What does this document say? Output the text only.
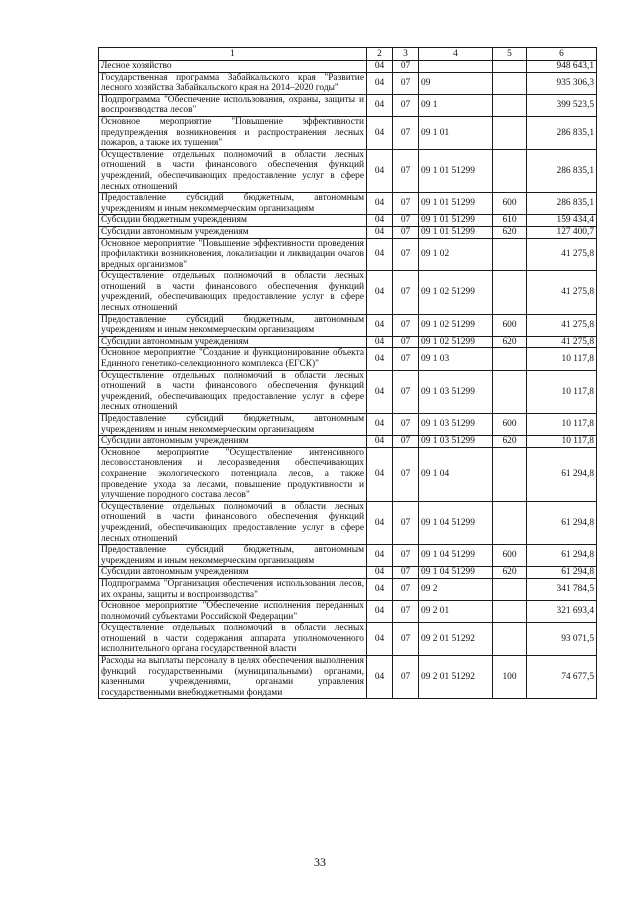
1	2	3	4	5	6
Лесное хозяйство	04	07			948 643,1
Государственная программа Забайкальского края "Развитие лесного хозяйства Забайкальского края на 2014–2020 годы"	04	07	09		935 306,3
Подпрограмма "Обеспечение использования, охраны, защиты и воспроизводства лесов"	04	07	09 1		399 523,5
Основное мероприятие "Повышение эффективности предупреждения возникновения и распространения лесных пожаров, а также их тушения"	04	07	09 1 01		286 835,1
Осуществление отдельных полномочий в области лесных отношений в части финансового обеспечения функций учреждений, обеспечивающих предоставление услуг в сфере лесных отношений	04	07	09 1 01 51299		286 835,1
Предоставление субсидий бюджетным, автономным учреждениям и иным некоммерческим организациям	04	07	09 1 01 51299	600	286 835,1
Субсидии бюджетным учреждениям	04	07	09 1 01 51299	610	159 434,4
Субсидии автономным учреждениям	04	07	09 1 01 51299	620	127 400,7
Основное мероприятие "Повышение эффективности проведения профилактики возникновения, локализации и ликвидации очагов вредных организмов"	04	07	09 1 02		41 275,8
Осуществление отдельных полномочий в области лесных отношений в части финансового обеспечения функций учреждений, обеспечивающих предоставление услуг в сфере лесных отношений	04	07	09 1 02 51299		41 275,8
Предоставление субсидий бюджетным, автономным учреждениям и иным некоммерческим организациям	04	07	09 1 02 51299	600	41 275,8
Субсидии автономным учреждениям	04	07	09 1 02 51299	620	41 275,8
Основное мероприятие "Создание и функционирование объекта Единного генетико-селекционного комплекса (ЕГСК)"	04	07	09 1 03		10 117,8
Осуществление отдельных полномочий в области лесных отношений в части финансового обеспечения функций учреждений, обеспечивающих предоставление услуг в сфере лесных отношений	04	07	09 1 03 51299		10 117,8
Предоставление субсидий бюджетным, автономным учреждениям и иным некоммерческим организациям	04	07	09 1 03 51299	600	10 117,8
Субсидии автономным учреждениям	04	07	09 1 03 51299	620	10 117,8
Основное мероприятие "Осуществление интенсивного лесовосстановления и лесоразведения обеспечивающих сохранение экологического потенциала лесов, а также проведение ухода за лесами, повышение продуктивности и улучшение породного состава лесов"	04	07	09 1 04		61 294,8
Осуществление отдельных полномочий в области лесных отношений в части финансового обеспечения функций учреждений, обеспечивающих предоставление услуг в сфере лесных отношений	04	07	09 1 04 51299		61 294,8
Предоставление субсидий бюджетным, автономным учреждениям и иным некоммерческим организациям	04	07	09 1 04 51299	600	61 294,8
Субсидии автономным учреждениям	04	07	09 1 04 51299	620	61 294,8
Подпрограмма "Организация обеспечения использования лесов, их охраны, защиты и воспроизводства"	04	07	09 2		341 784,5
Основное мероприятие "Обеспечение исполнения переданных полномочий субъектами Российской Федерации"	04	07	09 2 01		321 693,4
Осуществление отдельных полномочий в области лесных отношений в части содержания аппарата уполномоченного исполнительного органа государственной власти	04	07	09 2 01 51292		93 071,5
Расходы на выплаты персоналу в целях обеспечения выполнения функций государственными (муниципальными) органами, казенными учреждениями, органами управления государственными внебюджетными фондами	04	07	09 2 01 51292	100	74 677,5
33
